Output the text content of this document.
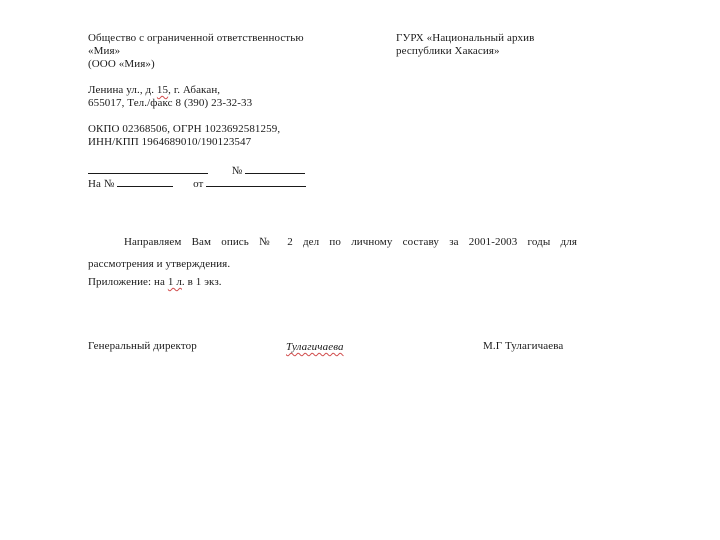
Общество с ограниченной ответственностью
«Мия»
(ООО «Мия»)
ГУРХ «Национальный архив
республики Хакасия»
Ленина ул., д. 15, г. Абакан,
655017, Тел./факс 8 (390) 23-32-33
ОКПО 02368506, ОГРН 1023692581259,
ИНН/КПП 1964689010/190123547
№
На №	от
Направляем Вам опись № 2 дел по личному составу за 2001-2003 годы для
рассмотрения и утверждения.
Приложение: на 1 л. в 1 экз.
Генеральный директор	Тулагичаева	М.Г Тулагичаева
